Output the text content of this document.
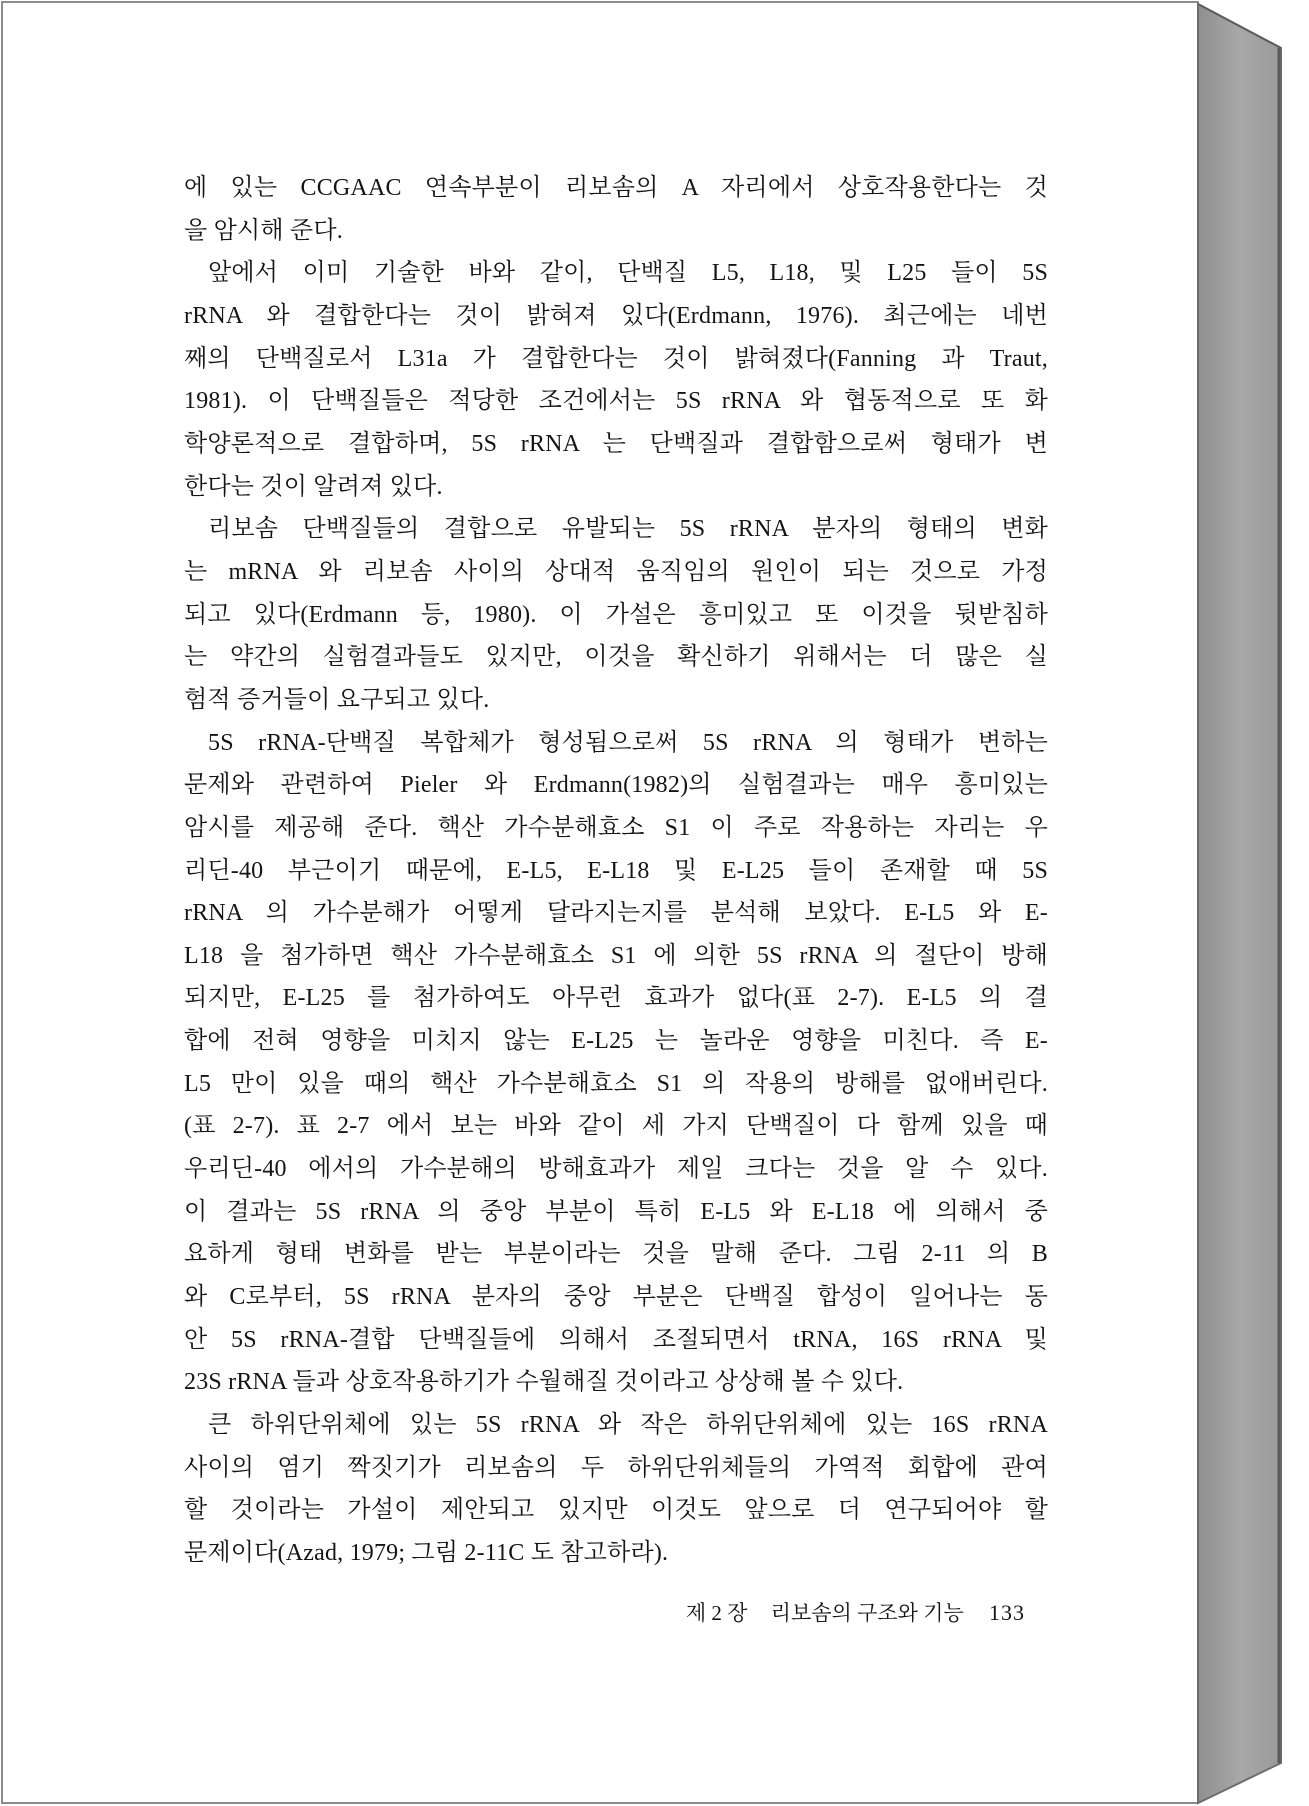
에 있는 CCGAAC 연속부분이 리보솜의 A 자리에서 상호작용한다는 것
을 암시해 준다.
앞에서 이미 기술한 바와 같이, 단백질 L5, L18, 및 L25 들이 5S
rRNA 와 결합한다는 것이 밝혀져 있다(Erdmann, 1976). 최근에는 네번
째의 단백질로서 L31a 가 결합한다는 것이 밝혀졌다(Fanning 과 Traut,
1981). 이 단백질들은 적당한 조건에서는 5S rRNA 와 협동적으로 또 화
학양론적으로 결합하며, 5S rRNA 는 단백질과 결합함으로써 형태가 변
한다는 것이 알려져 있다.
리보솜 단백질들의 결합으로 유발되는 5S rRNA 분자의 형태의 변화
는 mRNA 와 리보솜 사이의 상대적 움직임의 원인이 되는 것으로 가정
되고 있다(Erdmann 등, 1980). 이 가설은 흥미있고 또 이것을 뒷받침하
는 약간의 실험결과들도 있지만, 이것을 확신하기 위해서는 더 많은 실
험적 증거들이 요구되고 있다.
5S rRNA-단백질 복합체가 형성됨으로써 5S rRNA 의 형태가 변하는
문제와 관련하여 Pieler 와 Erdmann(1982)의 실험결과는 매우 흥미있는
암시를 제공해 준다. 핵산 가수분해효소 S1 이 주로 작용하는 자리는 우
리딘-40 부근이기 때문에, E-L5, E-L18 및 E-L25 들이 존재할 때 5S
rRNA 의 가수분해가 어떻게 달라지는지를 분석해 보았다. E-L5 와 E-
L18 을 첨가하면 핵산 가수분해효소 S1 에 의한 5S rRNA 의 절단이 방해
되지만, E-L25 를 첨가하여도 아무런 효과가 없다(표 2-7). E-L5 의 결
합에 전혀 영향을 미치지 않는 E-L25 는 놀라운 영향을 미친다. 즉 E-
L5 만이 있을 때의 핵산 가수분해효소 S1 의 작용의 방해를 없애버린다.
(표 2-7). 표 2-7 에서 보는 바와 같이 세 가지 단백질이 다 함께 있을 때
우리딘-40 에서의 가수분해의 방해효과가 제일 크다는 것을 알 수 있다.
이 결과는 5S rRNA 의 중앙 부분이 특히 E-L5 와 E-L18 에 의해서 중
요하게 형태 변화를 받는 부분이라는 것을 말해 준다. 그림 2-11 의 B
와 C로부터, 5S rRNA 분자의 중앙 부분은 단백질 합성이 일어나는 동
안 5S rRNA-결합 단백질들에 의해서 조절되면서 tRNA, 16S rRNA 및
23S rRNA 들과 상호작용하기가 수월해질 것이라고 상상해 볼 수 있다.
큰 하위단위체에 있는 5S rRNA 와 작은 하위단위체에 있는 16S rRNA
사이의 염기 짝짓기가 리보솜의 두 하위단위체들의 가역적 회합에 관여
할 것이라는 가설이 제안되고 있지만 이것도 앞으로 더 연구되어야 할
문제이다(Azad, 1979; 그림 2-11C 도 참고하라).
제 2 장 리보솜의 구조와 기능 133
